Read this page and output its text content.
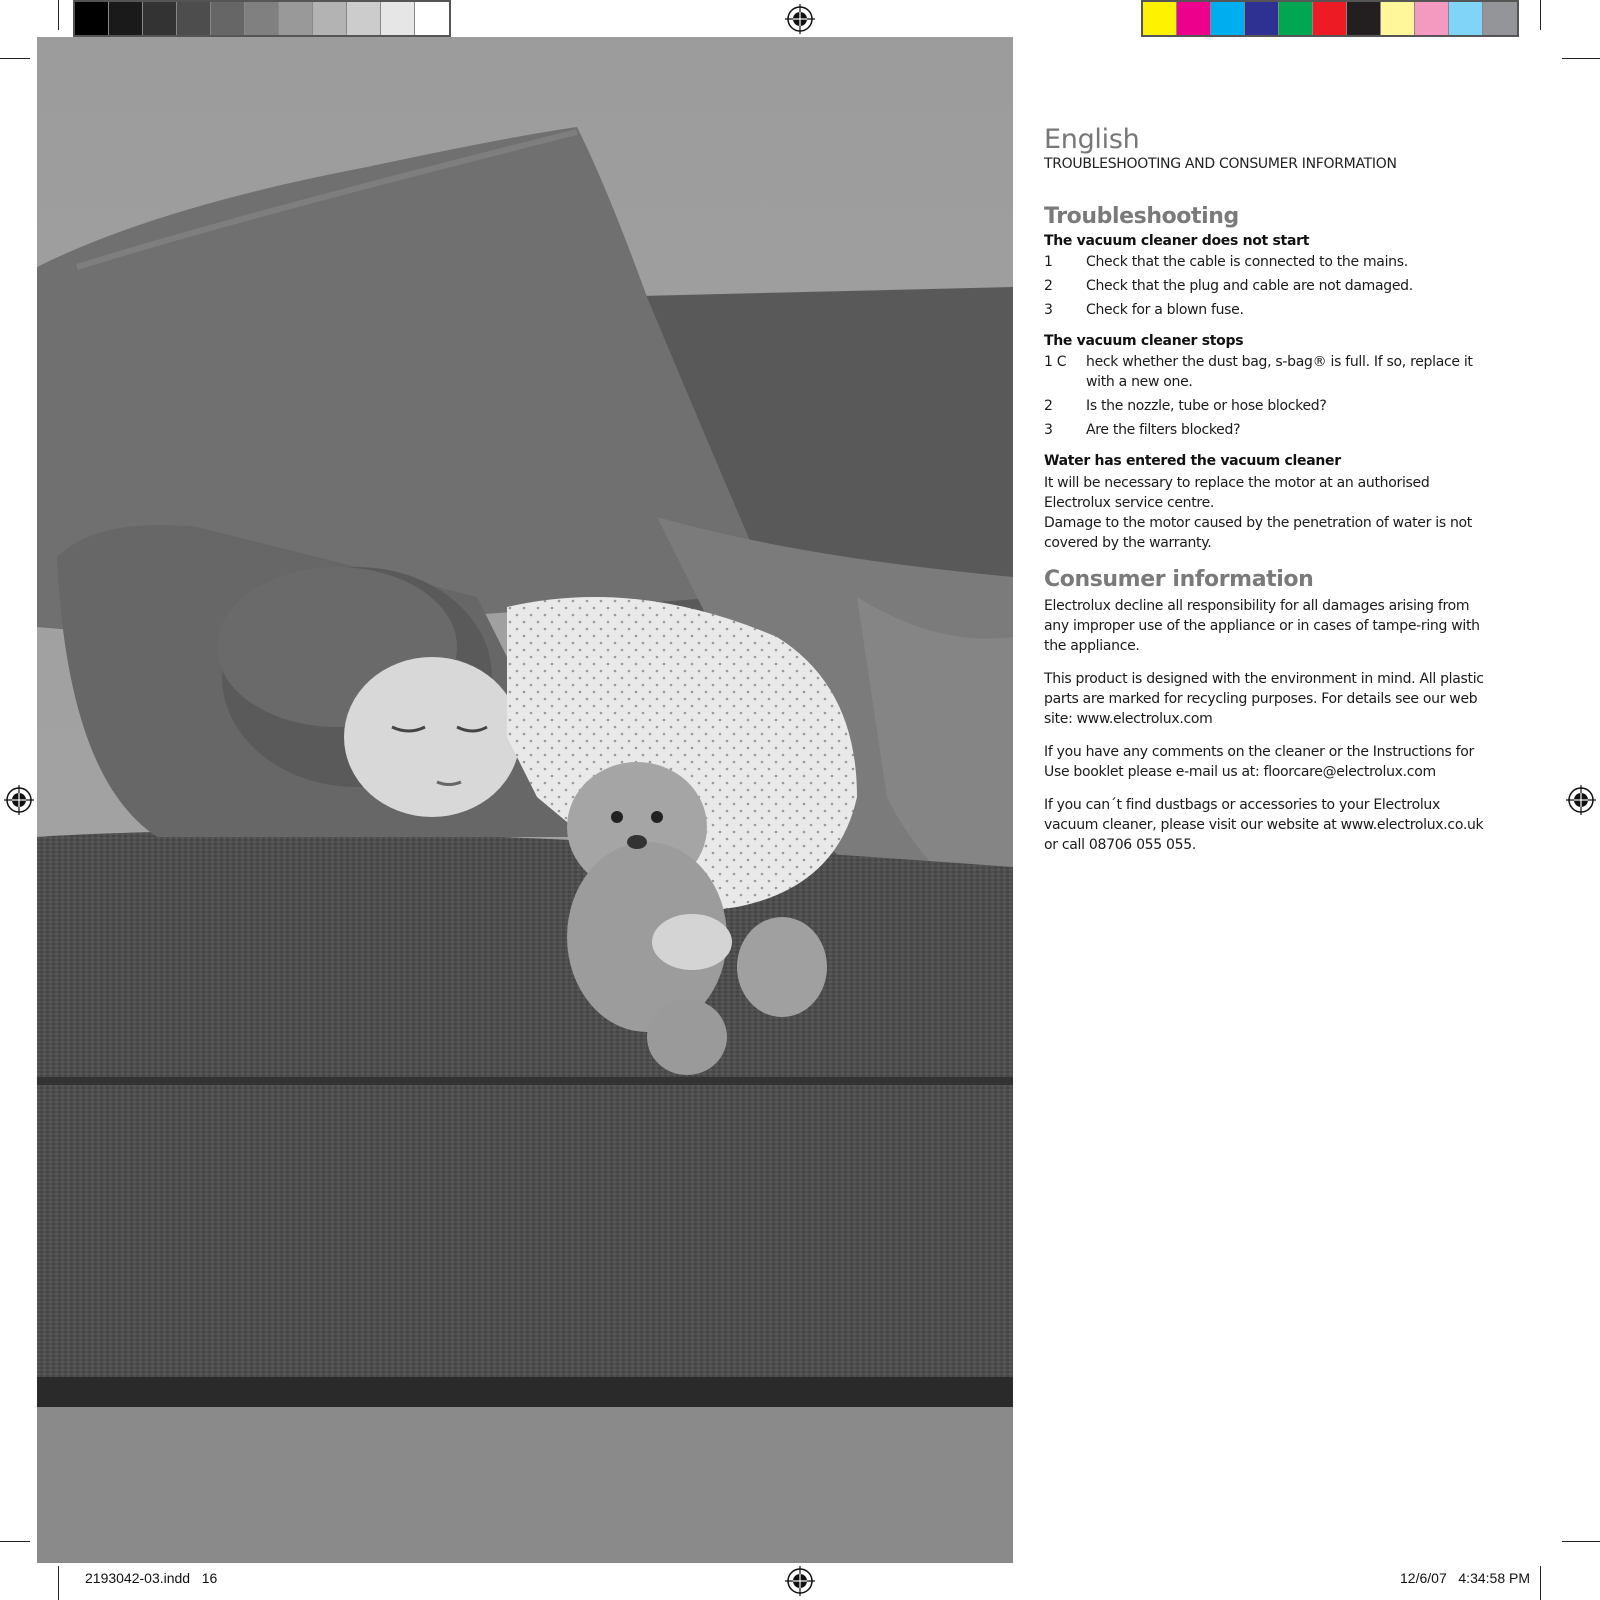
English
TROUBLESHOOTING AND CONSUMER INFORMATION
Troubleshooting
The vacuum cleaner does not start
1	Check that the cable is connected to the mains.
2	Check that the plug and cable are not damaged.
3	Check for a blown fuse.
The vacuum cleaner stops
1 C	heck whether the dust bag, s-bag® is full. If so, replace it with a new one.
2	Is the nozzle, tube or hose blocked?
3	Are the filters blocked?
Water has entered the vacuum cleaner

It will be necessary to replace the motor at an authorised Electrolux service centre.

Damage to the motor caused by the penetration of water is not covered by the warranty.

Consumer information

Electrolux decline all responsibility for all damages arising from any improper use of the appliance or in cases of tampe-ring with the appliance.

This product is designed with the environment in mind. All plastic parts are marked for recycling purposes. For details see our web site: www.electrolux.com

If you have any comments on the cleaner or the Instructions for Use booklet please e-mail us at: floorcare@electrolux.com

If you can´t find dustbags or accessories to your Electrolux vacuum cleaner, please visit our website at www.electrolux.co.uk or call 08706 055 055.

2193042-03.indd   16	12/6/07   4:34:58 PM
